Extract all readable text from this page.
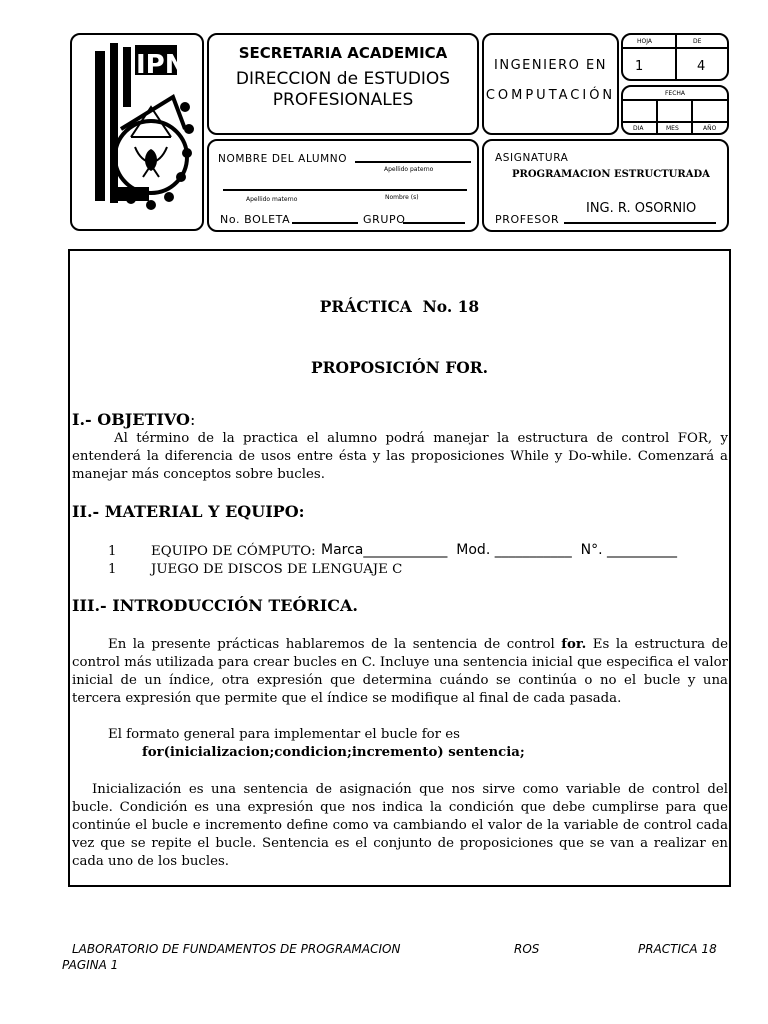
IPN	SECRETARIA ACADEMICA
DIRECCION de ESTUDIOS
PROFESIONALES
INGENIERO EN
COMPUTACIÓN
HOJA	DE
1	4
FECHA
DIA	MES	AÑO
NOMBRE DEL ALUMNO
Apellido paterno
Apellido materno	Nombre (s)
No. BOLETA	GRUPO
ASIGNATURA
PROGRAMACION ESTRUCTURADA
ING. R. OSORNIO
PROFESOR
PRÁCTICA  No. 18
PROPOSICIÓN FOR.
I.- OBJETIVO:
Al término de la practica el alumno podrá manejar la estructura de control FOR, y entenderá la diferencia de usos entre ésta y las proposiciones While y Do-while. Comenzará a manejar más conceptos sobre bucles.
II.- MATERIAL Y EQUIPO:
1	EQUIPO DE CÓMPUTO: Marca____________  Mod. ___________  N°. __________
1	JUEGO DE DISCOS DE LENGUAJE C
III.- INTRODUCCIÓN TEÓRICA.
En la presente prácticas hablaremos de la sentencia de control for. Es la estructura de control más utilizada para crear bucles en C. Incluye una sentencia inicial que especifica el valor inicial de un índice, otra expresión que determina cuándo se continúa o no el bucle y una tercera expresión que permite que el índice se modifique al final de cada pasada.
El formato general para implementar el bucle for es
for(inicializacion;condicion;incremento) sentencia;
Inicialización es una sentencia de asignación que nos sirve como variable de control del bucle. Condición es una expresión que nos indica la condición que debe cumplirse para que continúe el bucle e incremento define como va cambiando el valor de la variable de control cada vez que se repite el bucle. Sentencia es el conjunto de proposiciones que se van a realizar en cada uno de los bucles.
LABORATORIO DE FUNDAMENTOS DE PROGRAMACION	ROS	PRACTICA 18
PAGINA 1
